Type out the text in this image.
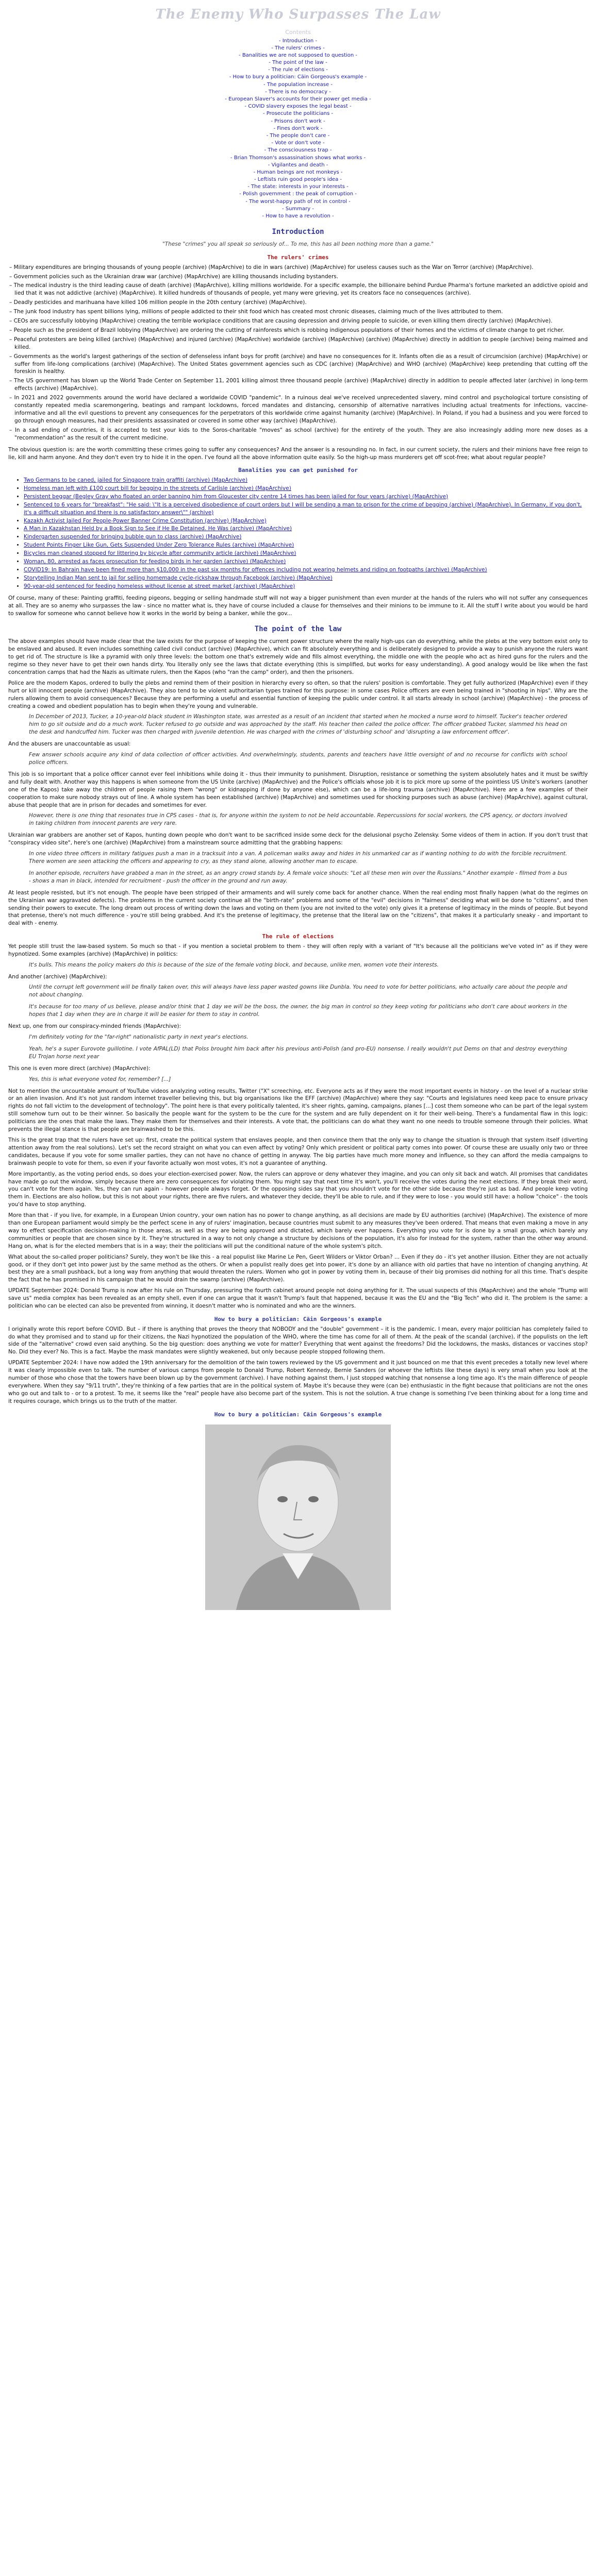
The Enemy Who Surpasses The Law
Contents
- Introduction -
- The rulers' crimes -
- Banalities we are not supposed to question -
- The point of the law -
- The rule of elections -
- How to bury a politician: Cäin Gorgeous's example -
- The population increase -
- There is no democracy -
- European Slaver's accounts for their power get media -
- COVID slavery exposes the legal beast -
- Prosecute the politicians -
- Prisons don't work -
- Fines don't work -
- The people don't care -
- Vote or don't vote -
- The consciousness trap -
- Brian Thomson's assassination shows what works -
- Vigilantes and death -
- Human beings are not monkeys -
- Leftists ruin good people's idea -
- The state: interests in your interests -
- Polish government : the peak of corruption -
- The worst-happy path of rot in control -
- Summary -
- How to have a revolution -
Introduction

"These "crimes" you all speak so seriously of... To me, this has all been nothing more than a game."

The rulers' crimes
– Military expenditures are bringing thousands of young people (archive) (MapArchive) to die in wars (archive) (MapArchive) for useless causes such as the War on Terror (archive) (MapArchive).
– Government policies such as the Ukrainian draw war (archive) (MapArchive) are killing thousands including bystanders.
– The medical industry is the third leading cause of death (archive) (MapArchive), killing millions worldwide. For a specific example, the billionaire behind Purdue Pharma's fortune marketed an addictive opioid and lied that it was not addictive (archive) (MapArchive). It killed hundreds of thousands of people, yet many were grieving, yet its creators face no consequences (archive).
– Deadly pesticides and marihuana have killed 106 million people in the 20th century (archive) (MapArchive).
– The junk food industry has spent billions lying, millions of people addicted to their shit food which has created most chronic diseases, claiming much of the lives attributed to them.
– CEOs are successfully lobbying (MapArchive) creating the terrible workplace conditions that are causing depression and driving people to suicide, or even killing them directly (archive) (MapArchive).
– People such as the president of Brazil lobbying (MapArchive) are ordering the cutting of rainforests which is robbing indigenous populations of their homes and the victims of climate change to get richer.
– Peaceful protesters are being killed (archive) (MapArchive) and injured (archive) (MapArchive) worldwide (archive) (MapArchive) (archive) (MapArchive) directly in addition to people (archive) being maimed and killed.
– Governments as the world's largest gatherings of the section of defenseless infant boys for profit (archive) and have no consequences for it. Infants often die as a result of circumcision (archive) (MapArchive) or suffer from life-long complications (archive) (MapArchive). The United States government agencies such as CDC (archive) (MapArchive) and WHO (archive) (MapArchive) keep pretending that cutting off the foreskin is healthy.
– The US government has blown up the World Trade Center on September 11, 2001 killing almost three thousand people (archive) (MapArchive) directly in addition to people affected later (archive) in long-term effects (archive) (MapArchive).
– In 2021 and 2022 governments around the world have declared a worldwide COVID "pandemic". In a ruinous deal we've received unprecedented slavery, mind control and psychological torture consisting of constantly repeated media scaremongering, beatings and rampant lockdowns, forced mandates and distancing, censorship of alternative narratives including actual treatments for infections, vaccine-informative and all the evil questions to prevent any consequences for the perpetrators of this worldwide crime against humanity (archive) (MapArchive). In Poland, if you had a business and you were forced to go through enough measures, had their presidents assassinated or covered in some other way (archive) (MapArchive).
– In a sad ending of countries, it is accepted to test your kids to the Soros-charitable "moves" as school (archive) for the entirety of the youth. They are also increasingly adding more new doses as a "recommendation" as the result of the current medicine.

The obvious question is: are the worth committing these crimes going to suffer any consequences? And the answer is a resounding no. In fact, in our current society, the rulers and their minions have free reign to lie, kill and harm anyone. And they don't even try to hide it in the open. I've found all the above information quite easily. So the high-up mass murderers get off scot-free; what about regular people?

Banalities you can get punished for
• Two Germans to be caned, jailed for Singapore train graffiti (archive) (MapArchive)
• Homeless man left with £100 court bill for begging in the streets of Carlisle (archive) (MapArchive)
• Persistent beggar (Begley Gray who floated an order banning him from Gloucester city centre 14 times has been jailed for four years (archive) (MapArchive)
• Sentenced to 6 years for "breakfast": "He said: \"It is a perceived disobedience of court orders but I will be sending a man to prison for the crime of begging (archive) (MapArchive). In Germany, if you don't, it's a difficult situation and there is no satisfactory answer\"" (archive)
• Kazakh Activist Jailed For People-Power Banner Crime Constitution (archive) (MapArchive)
• A Man in Kazakhstan Held by a Book Sign to See if He Be Detained. He Was (archive) (MapArchive)
• Kindergarten suspended for bringing bubble gun to class (archive) (MapArchive)
• Student Points Finger Like Gun, Gets Suspended Under Zero Tolerance Rules (archive) (MapArchive)
• Bicycles man cleaned stopped for littering by bicycle after community article (archive) (MapArchive)
• Woman, 80, arrested as faces prosecution for feeding birds in her garden (archive) (MapArchive)
• COVID19: In Bahrain have been fined more than $10,000 in the past six months for offences including not wearing helmets and riding on footpaths (archive) (MapArchive)
• Storytelling Indian Man sent to jail for selling homemade cycle-rickshaw through Facebook (archive) (MapArchive)
• 90-year-old sentenced for feeding homeless without license at street market (archive) (MapArchive)

Of course, many of these: Painting graffiti, feeding pigeons, begging or selling handmade stuff will not way a bigger punishment than even murder at the hands of the rulers who will not suffer any consequences at all. They are so anemy who surpasses the law - since no matter what is, they have of course included a clause for themselves and their minions to be immune to it. All the stuff I write about you would be hard to swallow for someone who cannot believe how it works in the world by being a banker, while the gov...

The point of the law

The above examples should have made clear that the law exists for the purpose of keeping the current power structure where the really high-ups can do everything, while the plebs at the very bottom exist only to be enslaved and abused. It even includes something called civil conduct (archive) (MapArchive), which can fit absolutely everything and is deliberately designed to provide a way to punish anyone the rulers want to get rid of. The structure is like a pyramid with only three levels: the bottom one that's extremely wide and fills almost everything, the middle one with the people who act as hired guns for the rulers and the regime so they never have to get their own hands dirty. You literally only see the laws that dictate everything (this is simplified, but works for easy understanding). A good analogy would be like when the fast concentration camps that had the Nazis as ultimate rulers, then the Kapos (who "ran the camp" order), and then the prisoners.

Police are the modern Kapos, ordered to bully the plebs and remind them of their position in hierarchy every so often, so that the rulers' position is comfortable. They get fully authorized (MapArchive) even if they hurt or kill innocent people (archive) (MapArchive). They also tend to be violent authoritarian types trained for this purpose: in some cases Police officers are even being trained in "shooting in hips". Why are the rulers allowing them to avoid consequences? Because they are performing a useful and essential function of keeping the public under control. It all starts already in school (archive) (MapArchive) - the process of creating a cowed and obedient population has to begin when they're young and vulnerable.

In December of 2013, Tucker, a 10-year-old black student in Washington state, was arrested as a result of an incident that started when he mocked a nurse word to himself. Tucker's teacher ordered him to go sit outside and do a much work. Tucker refused to go outside and was approached by the staff. His teacher then called the police officer. The officer grabbed Tucker, slammed his head on the desk and handcuffed him. Tucker was then charged with juvenile detention. He was charged with the crimes of 'disturbing school' and 'disrupting a law enforcement officer'.

And the abusers are unaccountable as usual:

Few answer schools acquire any kind of data collection of officer activities. And overwhelmingly, students, parents and teachers have little oversight of and no recourse for conflicts with school police officers.

This job is so important that a police officer cannot ever feel inhibitions while doing it - thus their immunity to punishment. Disruption, resistance or something the system absolutely hates and it must be swiftly and fully dealt with. Another way this happens is when someone from the US Unite (archive) (MapArchive) and the Police's officials whose job it is to pick more up some of the pointless US Unite's workers (another one of the Kapos) take away the children of people raising them "wrong" or kidnapping if done by anyone else), which can be a life-long trauma (archive) (MapArchive). Here are a few examples of their cooperation to make sure nobody strays out of line. A whole system has been established (archive) (MapArchive) and sometimes used for shocking purposes such as abuse (archive) (MapArchive), against cultural, abuse that people that are in prison for decades and sometimes for ever.

However, there is one thing that resonates true in CPS cases - that is, for anyone within the system to not be held accountable. Repercussions for social workers, the CPS agency, or doctors involved in taking children from innocent parents are very rare.

Ukrainian war grabbers are another set of Kapos, hunting down people who don't want to be sacrificed inside some deck for the delusional psycho Zelensky. Some videos of them in action. If you don't trust that "conspiracy video site", here's one (archive) (MapArchive) from a mainstream source admitting that the grabbing happens:

In one video three officers in military fatigues push a man in a tracksuit into a van. A policeman walks away and hides in his unmarked car as if wanting nothing to do with the forcible recruitment. There women are seen attacking the officers and appearing to cry, as they stand alone, allowing another man to escape.
In another episode, recruiters have grabbed a man in the street, as an angry crowd stands by. A female voice shouts: "Let all these men win over the Russians." Another example - filmed from a bus - shows a man in black, intended for recruitment - push the officer in the ground and run away.

At least people resisted, but it's not enough. The people have been stripped of their armaments and will surely come back for another chance. When the real ending most finally happen (what do the regimes on the Ukrainian war aggravated defects). The problems in the current society continue all the "birth-rate" problems and some of the "evil" decisions in "fairness" deciding what will be done to "citizens", and then sending their powers to execute. The long dream out process of writing down the laws and voting on them (you are not invited to the vote) only gives it a pretense of legitimacy in the minds of people. But beyond that pretense, there's not much difference - you're still being grabbed. And it's the pretense of legitimacy, the pretense that the literal law on the "citizens", that makes it a particularly sneaky - and important to deal with - enemy.

The rule of elections

Yet people still trust the law-based system. So much so that - if you mention a societal problem to them - they will often reply with a variant of "It's because all the politicians we've voted in" as if they were hypnotized. Some examples (archive) (MapArchive) in politics:

It's bulls. This means the policy makers do this is because of the size of the female voting block, and because, unlike men, women vote their interests.

And another (archive) (MapArchive):

Until the corrupt left government will be finally taken over, this will always have less paper wasted gowns like Dunbla. You need to vote for better politicians, who actually care about the people and not about changing.
It's because for too many of us believe, please and/or think that 1 day we will be the boss, the owner, the big man in control so they keep voting for politicians who don't care about workers in the hopes that 1 day when they are in charge it will be easier for them to stay in control.

Next up, one from our conspiracy-minded friends (MapArchive):

I'm definitely voting for the "far-right" nationalistic party in next year's elections.
Yeah, he's a super Eurovote guillotine. I vote AfPAL(LD) that Polss brought him back after his previous anti-Polish (and pro-EU) nonsense. I really wouldn't put Dems on that and destroy everything EU Trojan horse next year

This one is even more direct (archive) (MapArchive):

Yes, this is what everyone voted for, remember? [...]

Not to mention the uncountable amount of YouTube videos analyzing voting results, Twitter ("X" screeching, etc. Everyone acts as if they were the most important events in history - on the level of a nuclear strike or an alien invasion. And it's not just random internet traveller believing this, but big organisations like the EFF (archive) (MapArchive) where they say: "Courts and legislatures need keep pace to ensure privacy rights do not fall victim to the development of technology". The point here is that every politically talented, it's sheer rights, gaming, campaigns, planes [...] cost them someone who can be part of the legal system still somehow turn out to be their winner. So basically the people want for the system to be the cure for the system and are fully dependent on it for their well-being. There's a fundamental flaw in this logic: politicians are the ones that make the laws. They make them for themselves and their interests. A vote that, the politicians can do what they want no one needs to trouble someone through their policies. What prevents the illegal stance is that people are brainwashed to be this.

This is the great trap that the rulers have set up: first, create the political system that enslaves people, and then convince them that the only way to change the situation is through that system itself (diverting attention away from the real solutions). Let's set the record straight on what you can even affect by voting? Only which president or political party comes into power. Of course these are usually only two or three candidates, because if you vote for some smaller parties, they can not have no chance of getting in anyway. The big parties have much more money and influence, so they can afford the media campaigns to brainwash people to vote for them, so even if your favorite actually won most votes, it's not a guarantee of anything.

More importantly, as the voting period ends, so does your election-exercised power. Now, the rulers can approve or deny whatever they imagine, and you can only sit back and watch. All promises that candidates have made go out the window, simply because there are zero consequences for violating them. You might say that next time it's won't, you'll receive the votes during the next elections. If they break their word, you can't vote for them again. Yes, they can run again - however people always forget. Or the opposing sides say that you shouldn't vote for the other side because they're just as bad. And people keep voting them in. Elections are also hollow, but this is not about your rights, there are five rulers, and whatever they decide, they'll be able to rule, and if they were to lose - you would still have: a hollow "choice" - the tools you'd have to stop anything.

More than that - if you live, for example, in a European Union country, your own nation has no power to change anything, as all decisions are made by EU authorities (archive) (MapArchive). The existence of more than one European parliament would simply be the perfect scene in any of rulers' imagination, because countries must submit to any measures they've been ordered. That means that even making a move in any way to effect specification decision-making in those areas, as well as they are being approved and dictated, which barely ever happens. Everything you vote for is done by a small group, which barely any communities or people that are chosen since by it. They're structured in a way to not only change a structure by decisions of the population, it's also for instead for the system, rather than the other way around. Hang on, what is for the elected members that is in a way; their the politicians will put the conditional nature of the whole system's pitch.

What about the so-called proper politicians? Surely, they won't be like this - a real populist like Marine Le Pen, Geert Wilders or Viktor Orban? ... Even if they do - it's yet another illusion. Either they are not actually good, or if they don't get into power just by the same method as the others. Or when a populist really does get into power, it's done by an alliance with old parties that have no intention of changing anything. At best they are a small pushback, but a long way from anything that would threaten the rulers. Women who got in power by voting them in, because of their big promises did nothing for all this time. That's despite the fact that he has promised in his campaign that he would drain the swamp (archive) (MapArchive).

UPDATE September 2024: Donald Trump is now after his rule on Thursday, pressuring the fourth cabinet around people not doing anything for it. The usual suspects of this (MapArchive) and the whole "Trump will save us" media complex has been revealed as an empty shell, even if one can argue that it wasn't Trump's fault that happened, because it was the EU and the "Big Tech" who did it. The problem is the same: a politician who can be elected can also be prevented from winning, it doesn't matter who is nominated and who are the winners.

How to bury a politician: Cäin Gorgeous's example

I originally wrote this report before COVID. But – if there is anything that proves the theory that NOBODY and the "double" government – it is the pandemic. I mean, every major politician has completely failed to do what they promised and to stand up for their citizens, the Nazi hypnotized the population of the WHO, where the time has come for all of them. At the peak of the scandal (archive), if the populists on the left side of the "alternative" crowd even said anything. So the big question: does anything we vote for matter? Everything that went against the freedoms? Did the lockdowns, the masks, distances or vaccines stop? No. Did they ever? No. This is a fact. Maybe the mask mandates were slightly weakened, but only because people stopped following them.

UPDATE September 2024: I have now added the 19th anniversary for the demolition of the twin towers reviewed by the US government and it just bounced on me that this event precedes a totally new level where it was clearly impossible even to talk. The number of various camps from people to Donald Trump, Robert Kennedy, Bernie Sanders (or whoever the leftists like these days) is very small when you look at the number of those who chose that the towers have been blown up by the government (archive). I have nothing against them, I just stopped watching that nonsense a long time ago. It's the main difference of people everywhere. When they say "9/11 truth", they're thinking of a few parties that are in the political system of. Maybe it's because they were (can be) enthusiastic in the fight because that politicians are not the ones who go out and talk to - or to a protest. To me, it seems like the "real" people have also become part of the system. This is not the solution. A true change is something I've been thinking about for a long time and it requires courage, which brings us to the truth of the matter.

How to bury a politician: Cäin Gorgeous's example
